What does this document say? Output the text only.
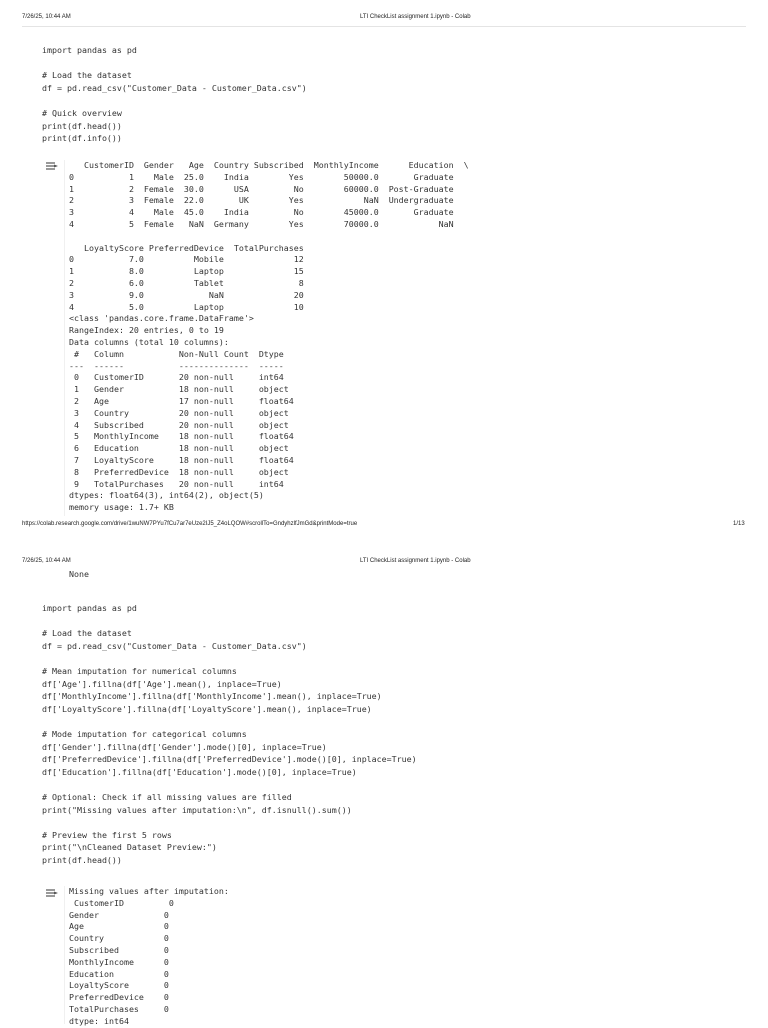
7/26/25, 10:44 AM	LTI CheckList assignment 1.ipynb - Colab
import pandas as pd

# Load the dataset
df = pd.read_csv("Customer_Data - Customer_Data.csv")

# Quick overview
print(df.head())
print(df.info())
CustomerID  Gender   Age  Country Subscribed  MonthlyIncome      Education  \
0           1    Male  25.0    India        Yes        50000.0       Graduate
1           2  Female  30.0      USA         No        60000.0  Post-Graduate
2           3  Female  22.0       UK        Yes            NaN  Undergraduate
3           4    Male  45.0    India         No        45000.0       Graduate
4           5  Female   NaN  Germany        Yes        70000.0            NaN

LoyaltyScore PreferredDevice  TotalPurchases
0           7.0          Mobile              12
1           8.0          Laptop              15
2           6.0          Tablet               8
3           9.0             NaN              20
4           5.0          Laptop              10
<class 'pandas.core.frame.DataFrame'>
RangeIndex: 20 entries, 0 to 19
Data columns (total 10 columns):
#   Column           Non-Null Count  Dtype
---  ------           --------------  -----
0   CustomerID       20 non-null     int64
1   Gender           18 non-null     object
2   Age              17 non-null     float64
3   Country          20 non-null     object
4   Subscribed       20 non-null     object
5   MonthlyIncome    18 non-null     float64
6   Education        18 non-null     object
7   LoyaltyScore     18 non-null     float64
8   PreferredDevice  18 non-null     object
9   TotalPurchases   20 non-null     int64
dtypes: float64(3), int64(2), object(5)
memory usage: 1.7+ KB
https://colab.research.google.com/drive/1wuNW7PYu7fCu7ar7eUze2IJ5_Z4oLQOW#scrollTo=GndyhzlfJmGd&printMode=true	1/13
7/26/25, 10:44 AM	LTI CheckList assignment 1.ipynb - Colab
None
import pandas as pd

# Load the dataset
df = pd.read_csv("Customer_Data - Customer_Data.csv")

# Mean imputation for numerical columns
df['Age'].fillna(df['Age'].mean(), inplace=True)
df['MonthlyIncome'].fillna(df['MonthlyIncome'].mean(), inplace=True)
df['LoyaltyScore'].fillna(df['LoyaltyScore'].mean(), inplace=True)

# Mode imputation for categorical columns
df['Gender'].fillna(df['Gender'].mode()[0], inplace=True)
df['PreferredDevice'].fillna(df['PreferredDevice'].mode()[0], inplace=True)
df['Education'].fillna(df['Education'].mode()[0], inplace=True)

# Optional: Check if all missing values are filled
print("Missing values after imputation:\n", df.isnull().sum())

# Preview the first 5 rows
print("\nCleaned Dataset Preview:")
print(df.head())
Missing values after imputation:
CustomerID         0
Gender             0
Age                0
Country            0
Subscribed         0
MonthlyIncome      0
Education          0
LoyaltyScore       0
PreferredDevice    0
TotalPurchases     0
dtype: int64
